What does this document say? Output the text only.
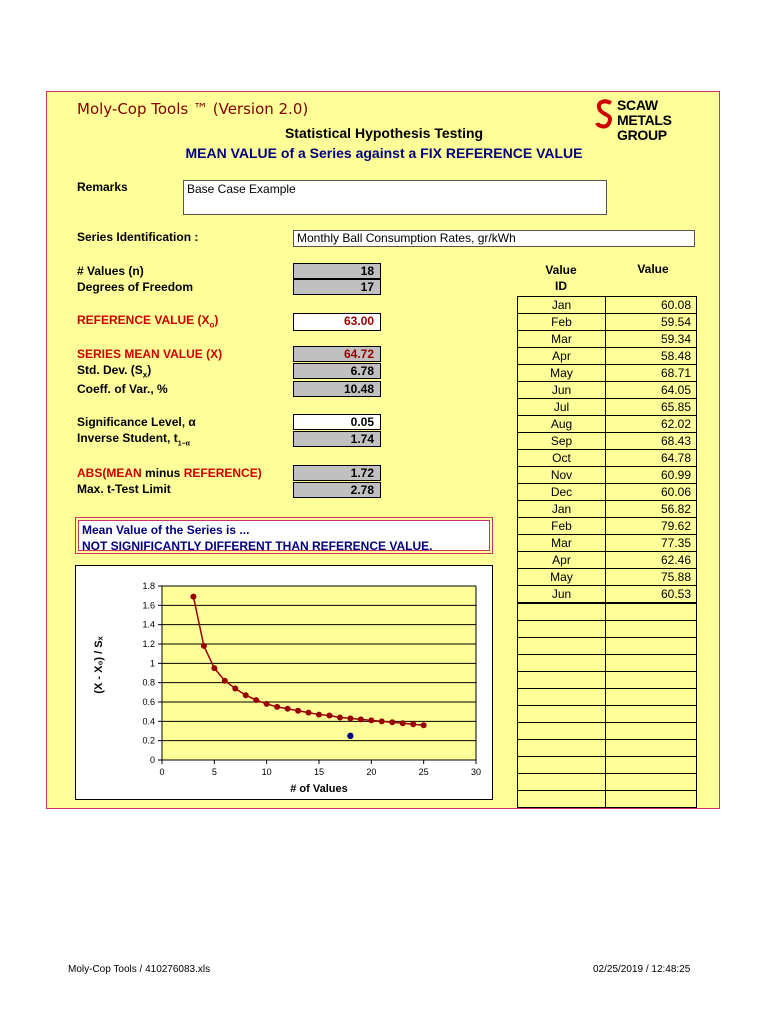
Moly-Cop Tools ™ (Version 2.0)	SCAW METALS
GROUP
Statistical Hypothesis Testing
MEAN VALUE of a Series against a FIX REFERENCE VALUE
Remarks	Base Case Example
Series Identification :	Monthly Ball Consumption Rates, gr/kWh
# Values (n)	18
Degrees of Freedom	17
REFERENCE VALUE $(X_o)$	63.00
SERIES MEAN VALUE (X)	64.72
Std. Dev. $(S_x)$	6.78
Coeff. of Var., %	10.48
Significance Level, α	0.05
Inverse Student, $t_{1-\alpha}$	1.74
ABS(MEAN minus REFERENCE)	1.72
Max. t-Test Limit	2.78
Mean Value of the Series is ...
NOT SIGNIFICANTLY DIFFERENT THAN REFERENCE VALUE.
0
0.2
0.4
0.6
0.8
1
1.2
1.4
1.6
1.8
0	5	10	15	20	25	30
# of Values
(X - X₀) / Sₓ
Value
ID
Value
Jan	60.08
Feb	59.54
Mar	59.34
Apr	58.48
May	68.71
Jun	64.05
Jul	65.85
Aug	62.02
Sep	68.43
Oct	64.78
Nov	60.99
Dec	60.06
Jan	56.82
Feb	79.62
Mar	77.35
Apr	62.46
May	75.88
Jun	60.53
Moly-Cop Tools / 410276083.xls	02/25/2019 / 12:48:25
